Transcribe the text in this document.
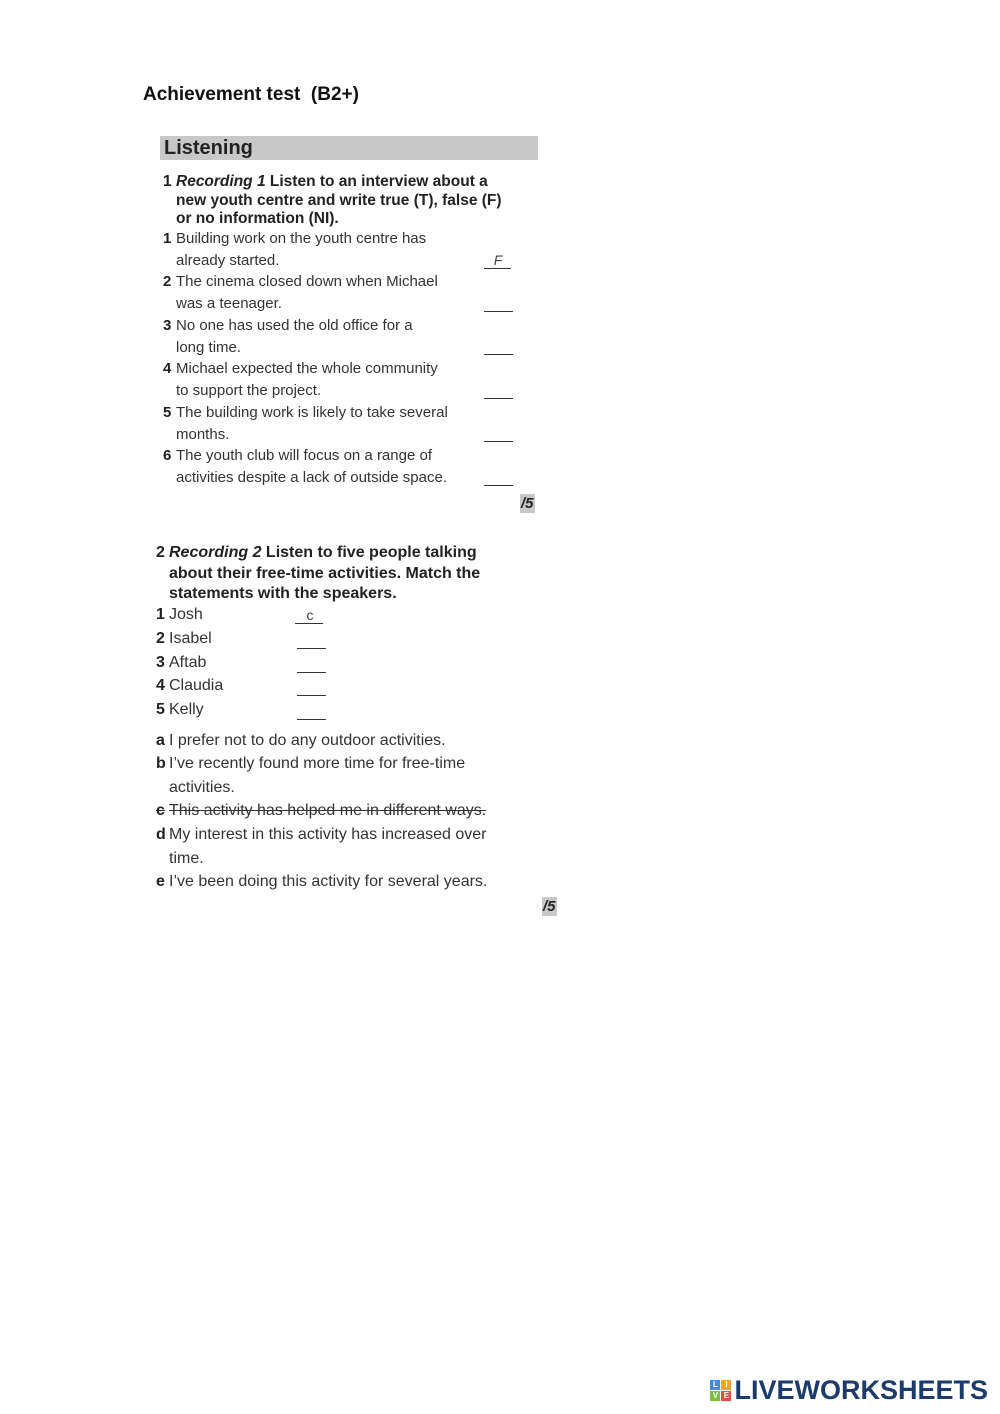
Achievement test  (B2+)
Listening
1 Recording 1 Listen to an interview about a
new youth centre and write true (T), false (F)
or no information (NI).
1 Building work on the youth centre has
already started.	F
2 The cinema closed down when Michael
was a teenager.
3 No one has used the old office for a
long time.
4 Michael expected the whole community
to support the project.
5 The building work is likely to take several
months.
6 The youth club will focus on a range of
activities despite a lack of outside space.
/5
2 Recording 2 Listen to five people talking
about their free-time activities. Match the
statements with the speakers.
1 Josh	c
2 Isabel
3 Aftab
4 Claudia
5 Kelly
a I prefer not to do any outdoor activities.
b I’ve recently found more time for free-time
activities.
c This activity has helped me in different ways.
d My interest in this activity has increased over
time.
e I’ve been doing this activity for several years.
/5
L I
V E LIVEWORKSHEETS
